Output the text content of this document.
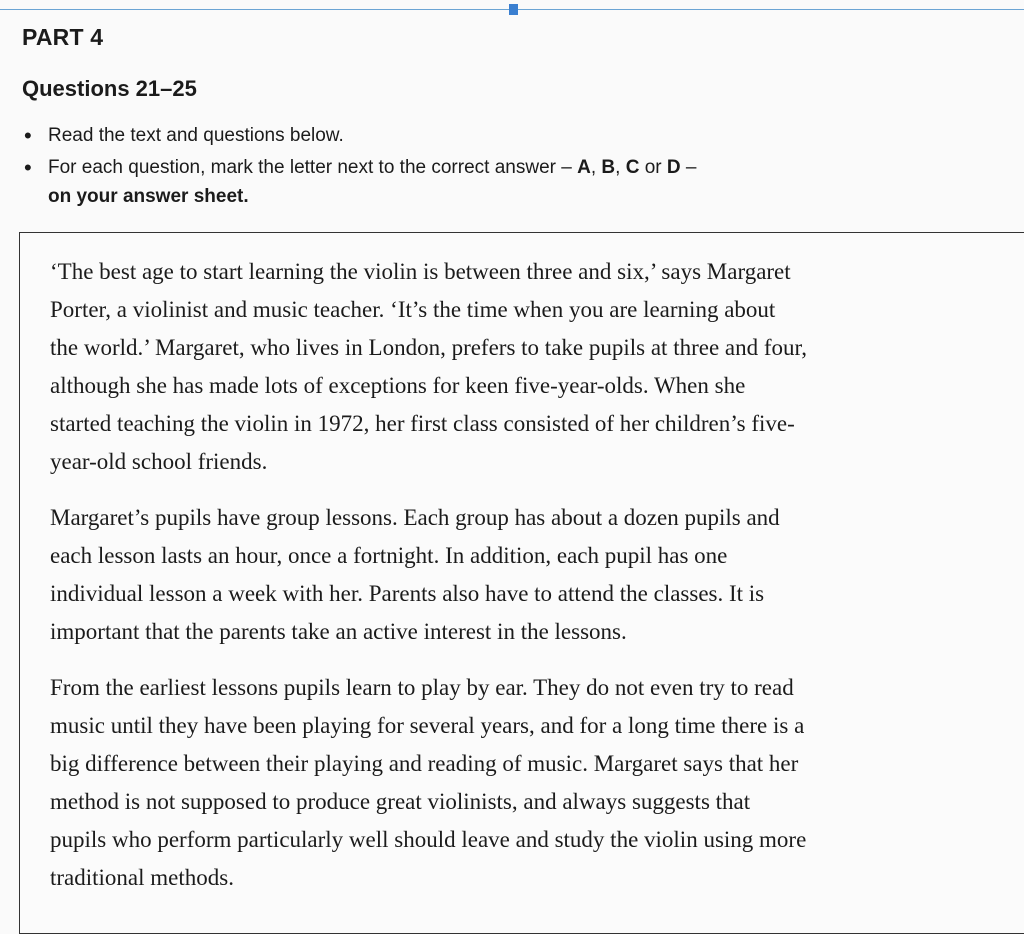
PART 4
Questions 21–25
• Read the text and questions below.
• For each question, mark the letter next to the correct answer – A, B, C or D –
on your answer sheet.

‘The best age to start learning the violin is between three and six,’ says Margaret
Porter, a violinist and music teacher. ‘It’s the time when you are learning about
the world.’ Margaret, who lives in London, prefers to take pupils at three and four,
although she has made lots of exceptions for keen five-year-olds. When she
started teaching the violin in 1972, her first class consisted of her children’s five-
year-old school friends.

Margaret’s pupils have group lessons. Each group has about a dozen pupils and
each lesson lasts an hour, once a fortnight. In addition, each pupil has one
individual lesson a week with her. Parents also have to attend the classes. It is
important that the parents take an active interest in the lessons.

From the earliest lessons pupils learn to play by ear. They do not even try to read
music until they have been playing for several years, and for a long time there is a
big difference between their playing and reading of music. Margaret says that her
method is not supposed to produce great violinists, and always suggests that
pupils who perform particularly well should leave and study the violin using more
traditional methods.
